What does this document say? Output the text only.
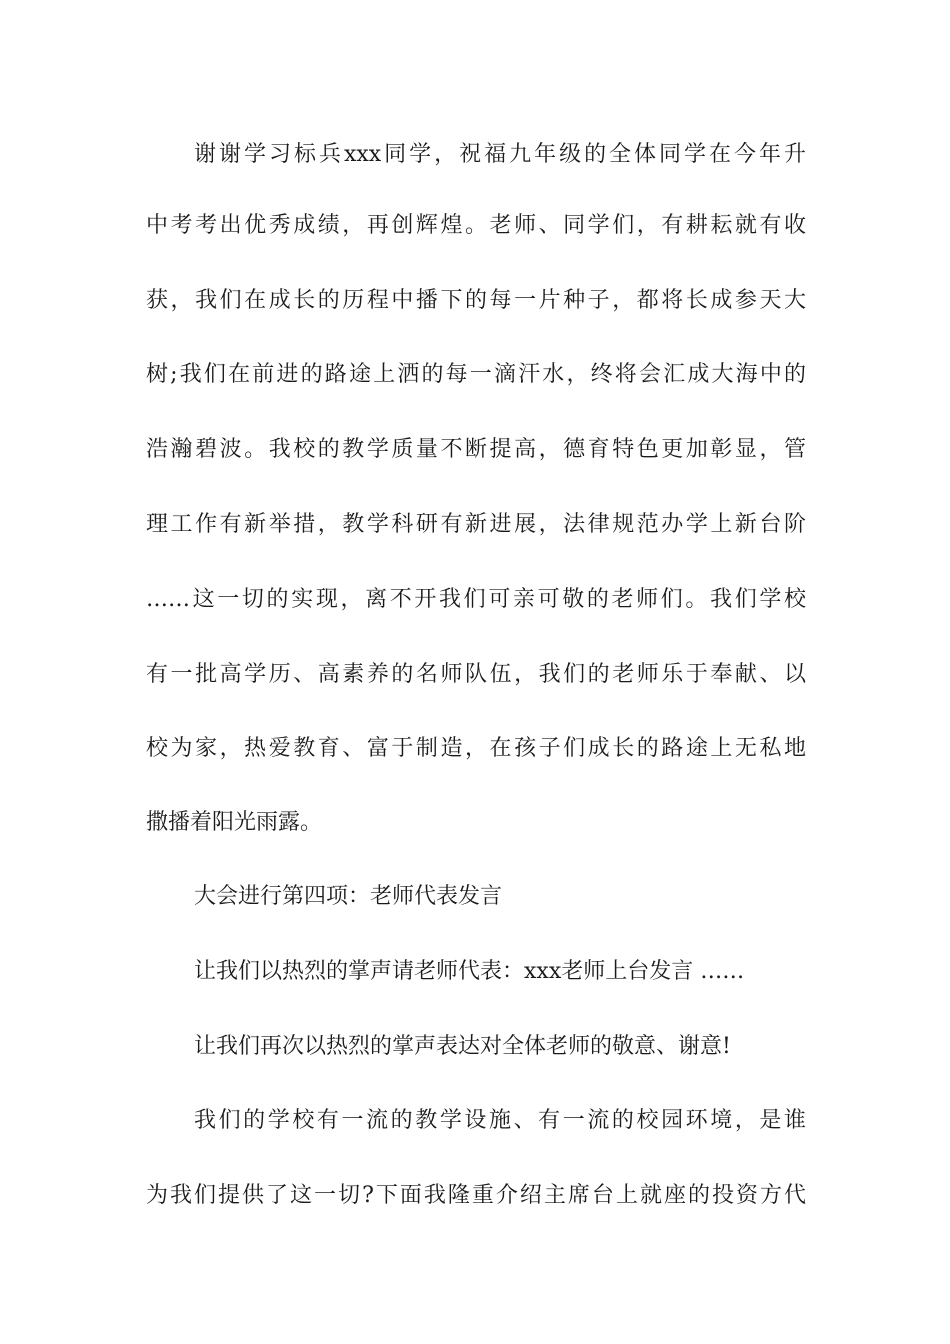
谢谢学习标兵xxx同学，祝福九年级的全体同学在今年升
中考考出优秀成绩，再创辉煌。老师、同学们，有耕耘就有收
获，我们在成长的历程中播下的每一片种子，都将长成参天大
树;我们在前进的路途上洒的每一滴汗水，终将会汇成大海中的
浩瀚碧波。我校的教学质量不断提高，德育特色更加彰显，管
理工作有新举措，教学科研有新进展，法律规范办学上新台阶
……这一切的实现，离不开我们可亲可敬的老师们。我们学校
有一批高学历、高素养的名师队伍，我们的老师乐于奉献、以
校为家，热爱教育、富于制造，在孩子们成长的路途上无私地
撒播着阳光雨露。
大会进行第四项：老师代表发言
让我们以热烈的掌声请老师代表：xxx老师上台发言 ……
让我们再次以热烈的掌声表达对全体老师的敬意、谢意!
我们的学校有一流的教学设施、有一流的校园环境，是谁
为我们提供了这一切?下面我隆重介绍主席台上就座的投资方代
